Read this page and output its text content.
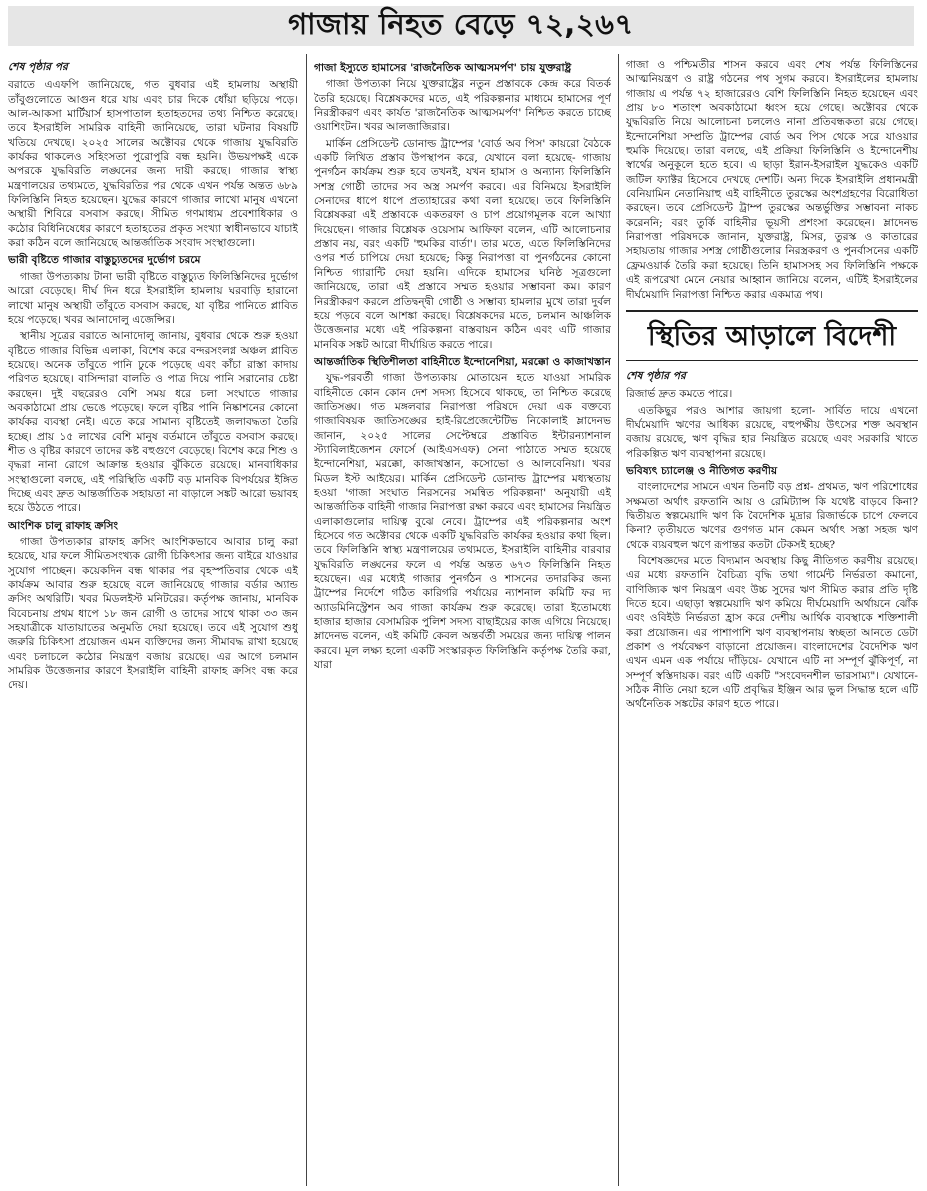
গাজায় নিহত বেড়ে ৭২,২৬৭
শেষ পৃষ্ঠার পর

বরাতে এএফপি জানিয়েছে, গত বুধবার এই হামলায় অস্থায়ী তাঁবুগুলোতে আগুন ধরে যায় এবং চার দিকে ধোঁয়া ছড়িয়ে পড়ে। আল-আকসা মার্টিয়ার্স হাসপাতাল হতাহতদের তথ্য নিশ্চিত করেছে। তবে ইসরাইলি সামরিক বাহিনী জানিয়েছে, তারা ঘটনার বিষয়টি খতিয়ে দেখছে। ২০২৫ সালের অক্টোবর থেকে গাজায় যুদ্ধবিরতি কার্যকর থাকলেও সহিংসতা পুরোপুরি বন্ধ হয়নি। উভয়পক্ষই একে অপরকে যুদ্ধবিরতি লঙ্ঘনের জন্য দায়ী করছে। গাজার স্বাস্থ্য মন্ত্রণালয়ের তথ্যমতে, যুদ্ধবিরতির পর থেকে এখন পর্যন্ত অন্তত ৬৮৯ ফিলিস্তিনি নিহত হয়েছেন। যুদ্ধের কারণে গাজার লাখো মানুষ এখনো অস্থায়ী শিবিরে বসবাস করছে। সীমিত গণমাধ্যম প্রবেশাধিকার ও কঠোর বিধিনিষেধের কারণে হতাহতের প্রকৃত সংখ্যা স্বাধীনভাবে যাচাই করা কঠিন বলে জানিয়েছে আন্তর্জাতিক সংবাদ সংস্থাগুলো।

ভারী বৃষ্টিতে গাজার বাস্তুচ্যুতদের দুর্ভোগ চরমে

গাজা উপত্যকায় টানা ভারী বৃষ্টিতে বাস্তুচ্যুত ফিলিস্তিনিদের দুর্ভোগ আরো বেড়েছে। দীর্ঘ দিন ধরে ইসরাইলি হামলায় ঘরবাড়ি হারানো লাখো মানুষ অস্থায়ী তাঁবুতে বসবাস করছে, যা বৃষ্টির পানিতে প্লাবিত হয়ে পড়েছে। খবর আনাদোলু এজেন্সির।

স্থানীয় সূত্রের বরাতে আনাদোলু জানায়, বুধবার থেকে শুরু হওয়া বৃষ্টিতে গাজার বিভিন্ন এলাকা, বিশেষ করে বন্দরসংলগ্ন অঞ্চল প্লাবিত হয়েছে। অনেক তাঁবুতে পানি ঢুকে পড়েছে এবং কাঁচা রাস্তা কাদায় পরিণত হয়েছে। বাসিন্দারা বালতি ও পাত্র দিয়ে পানি সরানোর চেষ্টা করছেন। দুই বছরেরও বেশি সময় ধরে চলা সংঘাতে গাজার অবকাঠামো প্রায় ভেঙে পড়েছে। ফলে বৃষ্টির পানি নিষ্কাশনের কোনো কার্যকর ব্যবস্থা নেই। এতে করে সামান্য বৃষ্টিতেই জলাবদ্ধতা তৈরি হচ্ছে। প্রায় ১৫ লাখের বেশি মানুষ বর্তমানে তাঁবুতে বসবাস করছে। শীত ও বৃষ্টির কারণে তাদের কষ্ট বহুগুণে বেড়েছে। বিশেষ করে শিশু ও বৃদ্ধরা নানা রোগে আক্রান্ত হওয়ার ঝুঁকিতে রয়েছে। মানবাধিকার সংস্থাগুলো বলছে, এই পরিস্থিতি একটি বড় মানবিক বিপর্যয়ের ইঙ্গিত দিচ্ছে এবং দ্রুত আন্তর্জাতিক সহায়তা না বাড়ালে সঙ্কট আরো ভয়াবহ হয়ে উঠতে পারে।

আংশিক চালু রাফাহ ক্রসিং

গাজা উপত্যকার রাফাহ ক্রসিং আংশিকভাবে আবার চালু করা হয়েছে, যার ফলে সীমিতসংখ্যক রোগী চিকিৎসার জন্য বাইরে যাওয়ার সুযোগ পাচ্ছেন। কয়েকদিন বন্ধ থাকার পর বৃহস্পতিবার থেকে এই কার্যক্রম আবার শুরু হয়েছে বলে জানিয়েছে গাজার বর্ডার অ্যান্ড ক্রসিং অথরিটি। খবর মিডলইস্ট মনিটরের। কর্তৃপক্ষ জানায়, মানবিক বিবেচনায় প্রথম ধাপে ১৮ জন রোগী ও তাদের সাথে থাকা ৩৩ জন সহযাত্রীকে যাতায়াতের অনুমতি দেয়া হয়েছে। তবে এই সুযোগ শুধু জরুরি চিকিৎসা প্রয়োজন এমন ব্যক্তিদের জন্য সীমাবদ্ধ রাখা হয়েছে এবং চলাচলে কঠোর নিয়ন্ত্রণ বজায় রয়েছে। এর আগে চলমান সামরিক উত্তেজনার কারণে ইসরাইলি বাহিনী রাফাহ ক্রসিং বন্ধ করে দেয়।

গাজা ইস্যুতে হামাসের 'রাজনৈতিক আত্মসমর্পণ' চায় যুক্তরাষ্ট্র

গাজা উপত্যকা নিয়ে যুক্তরাষ্ট্রের নতুন প্রস্তাবকে কেন্দ্র করে বিতর্ক তৈরি হয়েছে। বিশ্লেষকদের মতে, এই পরিকল্পনার মাধ্যমে হামাসের পূর্ণ নিরস্ত্রীকরণ এবং কার্যত 'রাজনৈতিক আত্মসমর্পণ' নিশ্চিত করতে চাচ্ছে ওয়াশিংটন। খবর আলজাজিরার।

মার্কিন প্রেসিডেন্ট ডোনাল্ড ট্রাম্পের 'বোর্ড অব পিস' কায়রো বৈঠকে একটি লিখিত প্রস্তাব উপস্থাপন করে, যেখানে বলা হয়েছে- গাজায় পুনর্গঠন কার্যক্রম শুরু হবে তখনই, যখন হামাস ও অন্যান্য ফিলিস্তিনি সশস্ত্র গোষ্ঠী তাদের সব অস্ত্র সমর্পণ করবে। এর বিনিময়ে ইসরাইলি সেনাদের ধাপে ধাপে প্রত্যাহারের কথা বলা হয়েছে। তবে ফিলিস্তিনি বিশ্লেষকরা এই প্রস্তাবকে একতরফা ও চাপ প্রয়োগমূলক বলে আখ্যা দিয়েছেন। গাজার বিশ্লেষক ওয়েসাম আফিফা বলেন, এটি আলোচনার প্রস্তাব নয়, বরং একটি 'হুমকির বার্তা'। তার মতে, এতে ফিলিস্তিনিদের ওপর শর্ত চাপিয়ে দেয়া হয়েছে; কিন্তু নিরাপত্তা বা পুনর্গঠনের কোনো নিশ্চিত গ্যারান্টি দেয়া হয়নি। এদিকে হামাসের ঘনিষ্ঠ সূত্রগুলো জানিয়েছে, তারা এই প্রস্তাবে সম্মত হওয়ার সম্ভাবনা কম। কারণ নিরস্ত্রীকরণ করলে প্রতিদ্বন্দ্বী গোষ্ঠী ও সম্ভাব্য হামলার মুখে তারা দুর্বল হয়ে পড়বে বলে আশঙ্কা করছে। বিশ্লেষকদের মতে, চলমান আঞ্চলিক উত্তেজনার মধ্যে এই পরিকল্পনা বাস্তবায়ন কঠিন এবং এটি গাজার মানবিক সঙ্কট আরো দীর্ঘায়িত করতে পারে।

আন্তর্জাতিক স্থিতিশীলতা বাহিনীতে ইন্দোনেশিয়া, মরক্কো ও কাজাখস্তান

যুদ্ধ-পরবর্তী গাজা উপত্যকায় মোতায়েন হতে যাওয়া সামরিক বাহিনীতে কোন কোন দেশ সদস্য হিসেবে থাকছে, তা নিশ্চিত করেছে জাতিসঙ্ঘ। গত মঙ্গলবার নিরাপত্তা পরিষদে দেয়া এক বক্তব্যে গাজাবিষয়ক জাতিসঙ্ঘের হাই-রিপ্রেজেন্টেটিভ নিকোলাই ম্লাদেনভ জানান, ২০২৫ সালের সেপ্টেম্বরে প্রস্তাবিত ইন্টারন্যাশনাল স্ট্যাবিলাইজেশন ফোর্সে (আইএসএফ) সেনা পাঠাতে সম্মত হয়েছে ইন্দোনেশিয়া, মরক্কো, কাজাখস্তান, কসোভো ও আলবেনিয়া। খবর মিডল ইস্ট আইয়ের। মার্কিন প্রেসিডেন্ট ডোনাল্ড ট্রাম্পের মধ্যস্থতায় হওয়া 'গাজা সংঘাত নিরসনের সমন্বিত পরিকল্পনা' অনুযায়ী এই আন্তর্জাতিক বাহিনী গাজার নিরাপত্তা রক্ষা করবে এবং হামাসের নিয়ন্ত্রিত এলাকাগুলোর দায়িত্ব বুঝে নেবে। ট্রাম্পের এই পরিকল্পনার অংশ হিসেবে গত অক্টোবর থেকে একটি যুদ্ধবিরতি কার্যকর হওয়ার কথা ছিল। তবে ফিলিস্তিনি স্বাস্থ্য মন্ত্রণালয়ের তথ্যমতে, ইসরাইলি বাহিনীর বারবার যুদ্ধবিরতি লঙ্ঘনের ফলে এ পর্যন্ত অন্তত ৬৭৩ ফিলিস্তিনি নিহত হয়েছেন। এর মধ্যেই গাজার পুনর্গঠন ও শাসনের তদারকির জন্য ট্রাম্পের নির্দেশে গঠিত কারিগরি পর্যায়ের ন্যাশনাল কমিটি ফর দ্য অ্যাডমিনিস্ট্রেশন অব গাজা কার্যক্রম শুরু করেছে। তারা ইতোমধ্যে হাজার হাজার বেসামরিক পুলিশ সদস্য বাছাইয়ের কাজ এগিয়ে নিয়েছে। ম্লাদেনভ বলেন, এই কমিটি কেবল অন্তর্বর্তী সময়ের জন্য দায়িত্ব পালন করবে। মূল লক্ষ্য হলো একটি সংস্কারকৃত ফিলিস্তিনি কর্তৃপক্ষ তৈরি করা, যারা

গাজা ও পশ্চিমতীর শাসন করবে এবং শেষ পর্যন্ত ফিলিস্তিনের আত্মনিয়ন্ত্রণ ও রাষ্ট্র গঠনের পথ সুগম করবে। ইসরাইলের হামলায় গাজায় এ পর্যন্ত ৭২ হাজারেরও বেশি ফিলিস্তিনি নিহত হয়েছেন এবং প্রায় ৮০ শতাংশ অবকাঠামো ধ্বংস হয়ে গেছে। অক্টোবর থেকে যুদ্ধবিরতি নিয়ে আলোচনা চললেও নানা প্রতিবন্ধকতা রয়ে গেছে। ইন্দোনেশিয়া সম্প্রতি ট্রাম্পের বোর্ড অব পিস থেকে সরে যাওয়ার হুমকি দিয়েছে। তারা বলছে, এই প্রক্রিয়া ফিলিস্তিনি ও ইন্দোনেশীয় স্বার্থের অনুকূলে হতে হবে। এ ছাড়া ইরান-ইসরাইল যুদ্ধকেও একটি জটিল ফ্যাক্টর হিসেবে দেখছে দেশটি। অন্য দিকে ইসরাইলি প্রধানমন্ত্রী বেনিয়ামিন নেতানিয়াহু এই বাহিনীতে তুরস্কের অংশগ্রহণের বিরোধিতা করছেন। তবে প্রেসিডেন্ট ট্রাম্প তুরস্কের অন্তর্ভুক্তির সম্ভাবনা নাকচ করেননি; বরং তুর্কি বাহিনীর ভূয়সী প্রশংসা করেছেন। ম্লাদেনভ নিরাপত্তা পরিষদকে জানান, যুক্তরাষ্ট্র, মিসর, তুরস্ক ও কাতারের সহায়তায় গাজার সশস্ত্র গোষ্ঠীগুলোর নিরস্ত্রকরণ ও পুনর্বাসনের একটি ফ্রেমওয়ার্ক তৈরি করা হয়েছে। তিনি হামাসসহ সব ফিলিস্তিনি পক্ষকে এই রূপরেখা মেনে নেয়ার আহ্বান জানিয়ে বলেন, এটিই ইসরাইলের দীর্ঘমেয়াদি নিরাপত্তা নিশ্চিত করার একমাত্র পথ।

স্থিতির আড়ালে বিদেশী
শেষ পৃষ্ঠার পর

রিজার্ভ দ্রুত কমতে পারে।

এতকিছুর পরও আশার জায়গা হলো- সার্বিত দায়ে এখনো দীর্ঘমেয়াদি ঋণের আধিক্য রয়েছে, বহুপক্ষীয় উৎসের শক্ত অবস্থান বজায় রয়েছে, ঋণ বৃদ্ধির হার নিয়ন্ত্রিত রয়েছে এবং সরকারি খাতে পরিকল্পিত ঋণ ব্যবস্থাপনা রয়েছে।

ভবিষ্যৎ চ্যালেঞ্জ ও নীতিগত করণীয়

বাংলাদেশের সামনে এখন তিনটি বড় প্রশ্ন- প্রথমত, ঋণ পরিশোধের সক্ষমতা অর্থাৎ রফতানি আয় ও রেমিট্যান্স কি যথেষ্ট বাড়বে কিনা? দ্বিতীয়ত স্বল্পমেয়াদি ঋণ কি বৈদেশিক মুদ্রার রিজার্ভকে চাপে ফেলবে কিনা? তৃতীয়তে ঋণের গুণগত মান কেমন অর্থাৎ সস্তা সহজ ঋণ থেকে ব্যয়বহুল ঋণে রূপান্তর কতটা টেকসই হচ্ছে?

বিশেষজ্ঞদের মতে বিদ্যমান অবস্থায় কিছু নীতিগত করণীয় রয়েছে। এর মধ্যে রফতানি বৈচিত্র্য বৃদ্ধি তথা গার্মেন্ট নির্ভরতা কমানো, বাণিজ্যিক ঋণ নিয়ন্ত্রণ এবং উচ্চ সুদের ঋণ সীমিত করার প্রতি দৃষ্টি দিতে হবে। এছাড়া স্বল্পমেয়াদি ঋণ কমিয়ে দীর্ঘমেয়াদি অর্থায়নে ঝোঁক এবং ওবিইউ নির্ভরতা হ্রাস করে দেশীয় আর্থিক ব্যবস্থাকে শক্তিশালী করা প্রয়োজন। এর পাশাপাশি ঋণ ব্যবস্থাপনায় স্বচ্ছতা আনতে ডেটা প্রকাশ ও পর্যবেক্ষণ বাড়ানো প্রয়োজন। বাংলাদেশের বৈদেশিক ঋণ এখন এমন এক পর্যায়ে দাঁড়িয়ে- যেখানে এটি না সম্পূর্ণ ঝুঁকিপূর্ণ, না সম্পূর্ণ স্বস্তিদায়ক। বরং এটি একটি "সংবেদনশীল ভারসাম্য"। যেখানে- সঠিক নীতি নেয়া হলে এটি প্রবৃদ্ধির ইঞ্জিন আর ভুল সিদ্ধান্ত হলে এটি অর্থনৈতিক সঙ্কটের কারণ হতে পারে।
